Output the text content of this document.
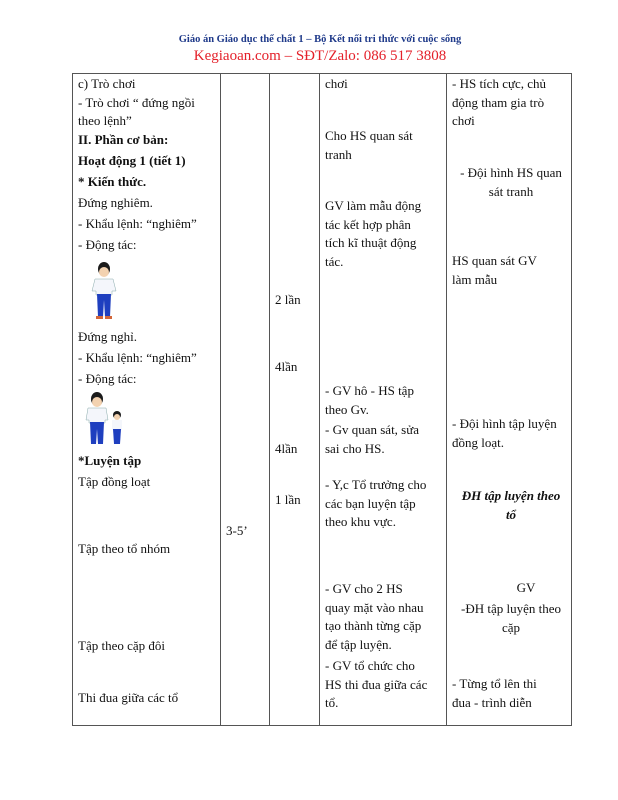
Giáo án Giáo dục thể chất 1 – Bộ Kết nối tri thức với cuộc sống
Kegiaoan.com – SĐT/Zalo: 086 517 3808
c) Trò chơi
- Trò chơi “ đứng ngồi
theo lệnh”
II. Phần cơ bản:
Hoạt động 1 (tiết 1)
* Kiến thức.
Đứng nghiêm.
- Khẩu lệnh: “nghiêm”
- Động tác:
Đứng nghỉ.
- Khẩu lệnh: “nghiêm”
- Động tác:
*Luyện tập
Tập đồng loạt
Tập theo tổ nhóm
Tập theo cặp đôi
Thi đua giữa các tổ
3-5’
2 lần
4lần
4lần
1 lần
chơi
Cho HS quan sát
tranh
GV làm mẫu động
tác kết hợp phân
tích kĩ thuật động
tác.
- GV hô - HS tập
theo Gv.
- Gv quan sát, sửa
sai cho HS.
- Y,c Tổ trưởng cho
các bạn luyện tập
theo khu vực.
- GV cho 2 HS
quay mặt vào nhau
tạo thành từng cặp
để tập luyện.
- GV tổ chức cho
HS thi đua giữa các
tổ.
- HS tích cực, chủ
động tham gia trò
chơi
- Đội hình HS quan
sát tranh
HS quan sát GV
làm mẫu
- Đội hình tập luyện
đồng loạt.
ĐH tập luyện theo
tổ
GV
-ĐH tập luyện theo
cặp
- Từng tổ lên thi
đua - trình diễn
